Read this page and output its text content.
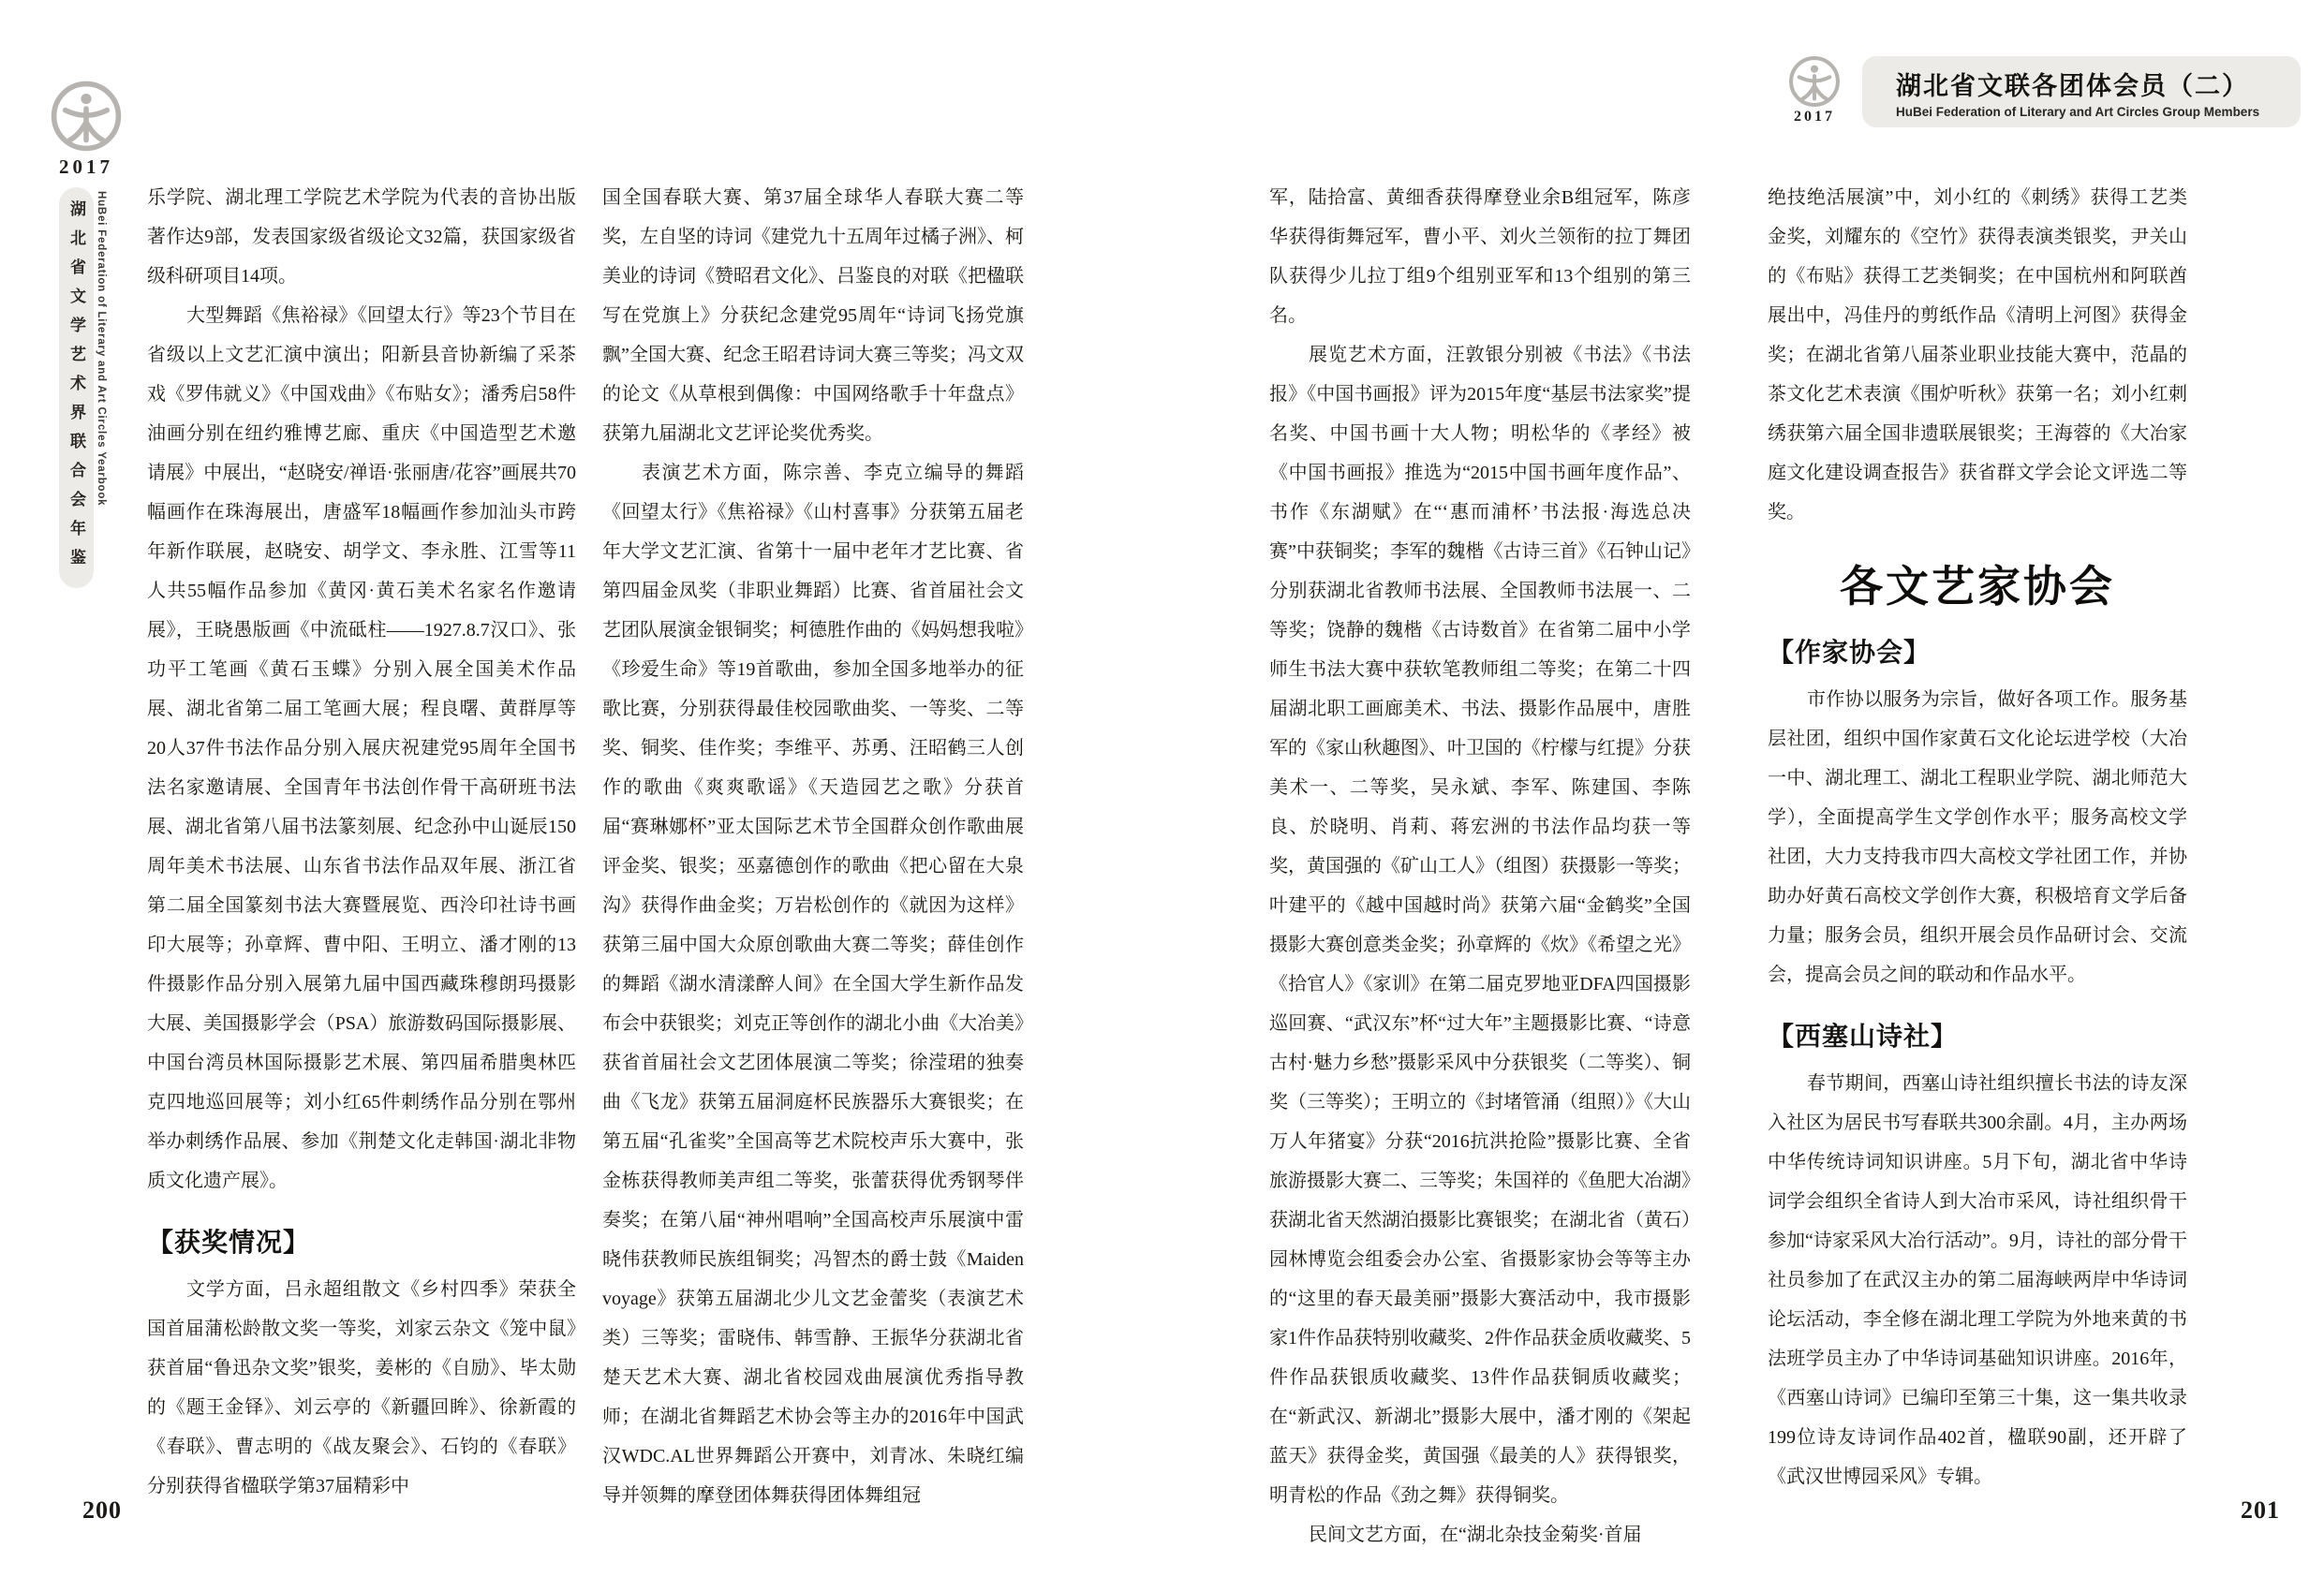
2017
湖北省文学艺术界联合会年鉴 HuBei Federation of Literary and Art Circles Yearbook
2017
湖北省文联各团体会员（二）
HuBei Federation of Literary and Art Circles Group Members

乐学院、湖北理工学院艺术学院为代表的音协出版著作达9部，发表国家级省级论文32篇，获国家级省级科研项目14项。

大型舞蹈《焦裕禄》《回望太行》等23个节目在省级以上文艺汇演中演出；阳新县音协新编了采茶戏《罗伟就义》《中国戏曲》《布贴女》；潘秀启58件油画分别在纽约雅博艺廊、重庆《中国造型艺术邀请展》中展出，“赵晓安/禅语·张丽唐/花容”画展共70幅画作在珠海展出，唐盛军18幅画作参加汕头市跨年新作联展，赵晓安、胡学文、李永胜、江雪等11人共55幅作品参加《黄冈·黄石美术名家名作邀请展》，王晓愚版画《中流砥柱——1927.8.7汉口》、张功平工笔画《黄石玉蝶》分别入展全国美术作品展、湖北省第二届工笔画大展；程良曙、黄群厚等20人37件书法作品分别入展庆祝建党95周年全国书法名家邀请展、全国青年书法创作骨干高研班书法展、湖北省第八届书法篆刻展、纪念孙中山诞辰150周年美术书法展、山东省书法作品双年展、浙江省第二届全国篆刻书法大赛暨展览、西泠印社诗书画印大展等；孙章辉、曹中阳、王明立、潘才刚的13件摄影作品分别入展第九届中国西藏珠穆朗玛摄影大展、美国摄影学会（PSA）旅游数码国际摄影展、中国台湾员林国际摄影艺术展、第四届希腊奥林匹克四地巡回展等；刘小红65件刺绣作品分别在鄂州举办刺绣作品展、参加《荆楚文化走韩国·湖北非物质文化遗产展》。

【获奖情况】

文学方面，吕永超组散文《乡村四季》荣获全国首届蒲松龄散文奖一等奖，刘家云杂文《笼中鼠》获首届“鲁迅杂文奖”银奖，姜彬的《自励》、毕太勋的《题王金铎》、刘云亭的《新疆回眸》、徐新霞的《春联》、曹志明的《战友聚会》、石钧的《春联》分别获得省楹联学第37届精彩中

国全国春联大赛、第37届全球华人春联大赛二等奖，左自坚的诗词《建党九十五周年过橘子洲》、柯美业的诗词《赞昭君文化》、吕鉴良的对联《把楹联写在党旗上》分获纪念建党95周年“诗词飞扬党旗飘”全国大赛、纪念王昭君诗词大赛三等奖；冯文双的论文《从草根到偶像：中国网络歌手十年盘点》获第九届湖北文艺评论奖优秀奖。

表演艺术方面，陈宗善、李克立编导的舞蹈《回望太行》《焦裕禄》《山村喜事》分获第五届老年大学文艺汇演、省第十一届中老年才艺比赛、省第四届金凤奖（非职业舞蹈）比赛、省首届社会文艺团队展演金银铜奖；柯德胜作曲的《妈妈想我啦》《珍爱生命》等19首歌曲，参加全国多地举办的征歌比赛，分别获得最佳校园歌曲奖、一等奖、二等奖、铜奖、佳作奖；李维平、苏勇、汪昭鹤三人创作的歌曲《爽爽歌谣》《天造园艺之歌》分获首届“赛琳娜杯”亚太国际艺术节全国群众创作歌曲展评金奖、银奖；巫嘉德创作的歌曲《把心留在大泉沟》获得作曲金奖；万岩松创作的《就因为这样》获第三届中国大众原创歌曲大赛二等奖；薛佳创作的舞蹈《湖水清漾醉人间》在全国大学生新作品发布会中获银奖；刘克正等创作的湖北小曲《大冶美》获省首届社会文艺团体展演二等奖；徐滢珺的独奏曲《飞龙》获第五届洞庭杯民族器乐大赛银奖；在第五届“孔雀奖”全国高等艺术院校声乐大赛中，张金栋获得教师美声组二等奖，张蕾获得优秀钢琴伴奏奖；在第八届“神州唱响”全国高校声乐展演中雷晓伟获教师民族组铜奖；冯智杰的爵士鼓《Maiden voyage》获第五届湖北少儿文艺金蕾奖（表演艺术类）三等奖；雷晓伟、韩雪静、王振华分获湖北省楚天艺术大赛、湖北省校园戏曲展演优秀指导教师；在湖北省舞蹈艺术协会等主办的2016年中国武汉WDC.AL世界舞蹈公开赛中，刘青冰、朱晓红编导并领舞的摩登团体舞获得团体舞组冠

军，陆拾富、黄细香获得摩登业余B组冠军，陈彦华获得街舞冠军，曹小平、刘火兰领衔的拉丁舞团队获得少儿拉丁组9个组别亚军和13个组别的第三名。

展览艺术方面，汪敦银分别被《书法》《书法报》《中国书画报》评为2015年度“基层书法家奖”提名奖、中国书画十大人物；明松华的《孝经》被《中国书画报》推选为“2015中国书画年度作品”、书作《东湖赋》在“‘惠而浦杯’书法报·海选总决赛”中获铜奖；李军的魏楷《古诗三首》《石钟山记》分别获湖北省教师书法展、全国教师书法展一、二等奖；饶静的魏楷《古诗数首》在省第二届中小学师生书法大赛中获软笔教师组二等奖；在第二十四届湖北职工画廊美术、书法、摄影作品展中，唐胜军的《家山秋趣图》、叶卫国的《柠檬与红提》分获美术一、二等奖，吴永斌、李军、陈建国、李陈良、於晓明、肖莉、蒋宏洲的书法作品均获一等奖，黄国强的《矿山工人》（组图）获摄影一等奖；叶建平的《越中国越时尚》获第六届“金鹤奖”全国摄影大赛创意类金奖；孙章辉的《炊》《希望之光》《拾官人》《家训》在第二届克罗地亚DFA四国摄影巡回赛、“武汉东”杯“过大年”主题摄影比赛、“诗意古村·魅力乡愁”摄影采风中分获银奖（二等奖）、铜奖（三等奖）；王明立的《封堵管涌（组照）》《大山万人年猪宴》分获“2016抗洪抢险”摄影比赛、全省旅游摄影大赛二、三等奖；朱国祥的《鱼肥大冶湖》获湖北省天然湖泊摄影比赛银奖；在湖北省（黄石）园林博览会组委会办公室、省摄影家协会等等主办的“这里的春天最美丽”摄影大赛活动中，我市摄影家1件作品获特别收藏奖、2件作品获金质收藏奖、5件作品获银质收藏奖、13件作品获铜质收藏奖；在“新武汉、新湖北”摄影大展中，潘才刚的《架起蓝天》获得金奖，黄国强《最美的人》获得银奖，明青松的作品《劲之舞》获得铜奖。

民间文艺方面，在“湖北杂技金菊奖·首届

绝技绝活展演”中，刘小红的《刺绣》获得工艺类金奖，刘耀东的《空竹》获得表演类银奖，尹关山的《布贴》获得工艺类铜奖；在中国杭州和阿联酋展出中，冯佳丹的剪纸作品《清明上河图》获得金奖；在湖北省第八届茶业职业技能大赛中，范晶的茶文化艺术表演《围炉听秋》获第一名；刘小红刺绣获第六届全国非遗联展银奖；王海蓉的《大冶家庭文化建设调查报告》获省群文学会论文评选二等奖。

各文艺家协会
【作家协会】

市作协以服务为宗旨，做好各项工作。服务基层社团，组织中国作家黄石文化论坛进学校（大冶一中、湖北理工、湖北工程职业学院、湖北师范大学），全面提高学生文学创作水平；服务高校文学社团，大力支持我市四大高校文学社团工作，并协助办好黄石高校文学创作大赛，积极培育文学后备力量；服务会员，组织开展会员作品研讨会、交流会，提高会员之间的联动和作品水平。

【西塞山诗社】

春节期间，西塞山诗社组织擅长书法的诗友深入社区为居民书写春联共300余副。4月，主办两场中华传统诗词知识讲座。5月下旬，湖北省中华诗词学会组织全省诗人到大冶市采风，诗社组织骨干参加“诗家采风大冶行活动”。9月，诗社的部分骨干社员参加了在武汉主办的第二届海峡两岸中华诗词论坛活动，李全修在湖北理工学院为外地来黄的书法班学员主办了中华诗词基础知识讲座。2016年，《西塞山诗词》已编印至第三十集，这一集共收录199位诗友诗词作品402首，楹联90副，还开辟了《武汉世博园采风》专辑。

200	201
